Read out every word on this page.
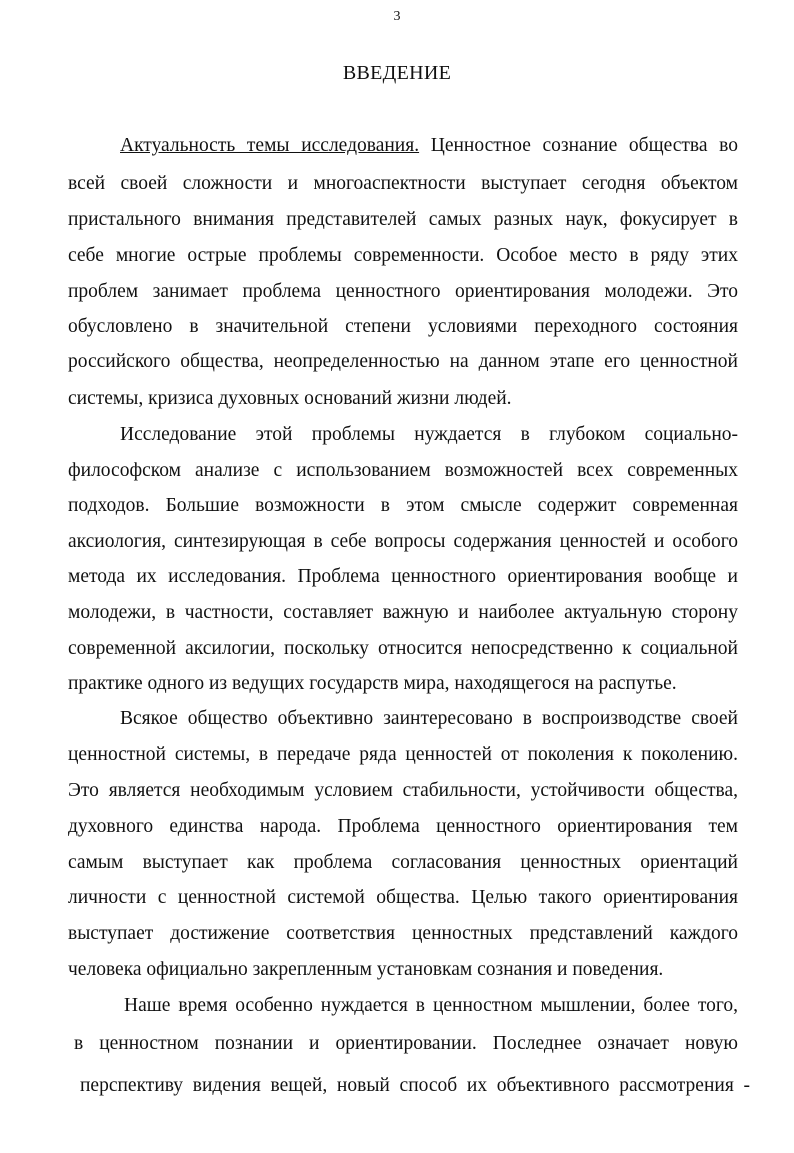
3
ВВЕДЕНИЕ
Актуальность темы исследования. Ценностное сознание общества во
всей своей сложности и многоаспектности выступает сегодня объектом
пристального внимания представителей самых разных наук, фокусирует в
себе многие острые проблемы современности. Особое место в ряду этих
проблем занимает проблема ценностного ориентирования молодежи. Это
обусловлено в значительной степени условиями переходного состояния
российского общества, неопределенностью на данном этапе его ценностной
системы, кризиса духовных оснований жизни людей.
Исследование этой проблемы нуждается в глубоком социально-
философском анализе с использованием возможностей всех современных
подходов. Большие возможности в этом смысле содержит современная
аксиология, синтезирующая в себе вопросы содержания ценностей и особого
метода их исследования. Проблема ценностного ориентирования вообще и
молодежи, в частности, составляет важную и наиболее актуальную сторону
современной аксилогии, поскольку относится непосредственно к социальной
практике одного из ведущих государств мира, находящегося на распутье.
Всякое общество объективно заинтересовано в воспроизводстве своей
ценностной системы, в передаче ряда ценностей от поколения к поколению.
Это является необходимым условием стабильности, устойчивости общества,
духовного единства народа. Проблема ценностного ориентирования тем
самым выступает как проблема согласования ценностных ориентаций
личности с ценностной системой общества. Целью такого ориентирования
выступает достижение соответствия ценностных представлений каждого
человека официально закрепленным установкам сознания и поведения.
Наше время особенно нуждается в ценностном мышлении, более того,
в ценностном познании и ориентировании. Последнее означает новую
перспективу видения вещей, новый способ их объективного рассмотрения -
